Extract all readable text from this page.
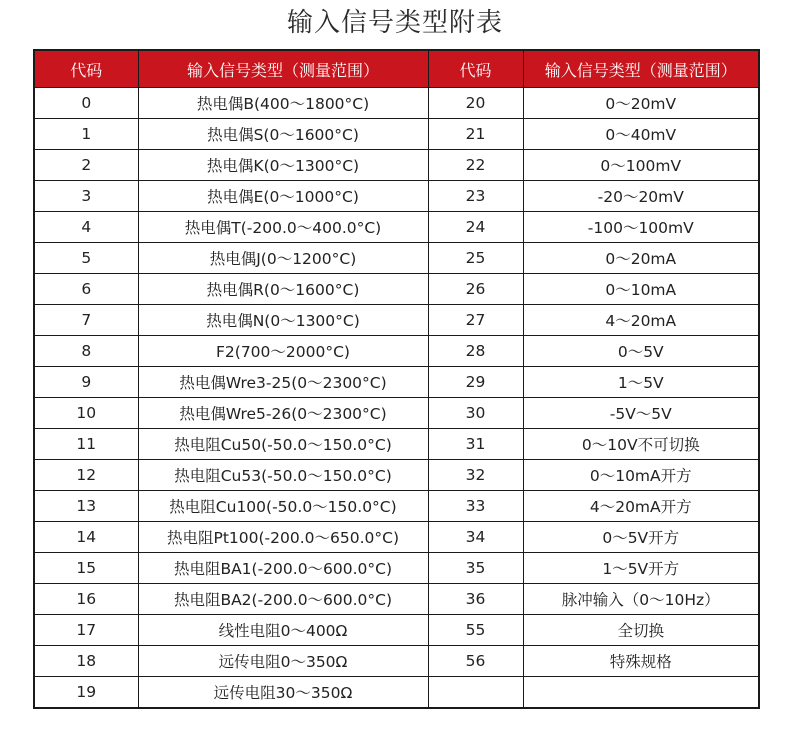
输入信号类型附表
代码	输入信号类型（测量范围）	代码	输入信号类型（测量范围）
0	热电偶B(400～1800°C)	20	0～20mV
1	热电偶S(0～1600°C)	21	0～40mV
2	热电偶K(0～1300°C)	22	0～100mV
3	热电偶E(0～1000°C)	23	-20～20mV
4	热电偶T(-200.0～400.0°C)	24	-100～100mV
5	热电偶J(0～1200°C)	25	0～20mA
6	热电偶R(0～1600°C)	26	0～10mA
7	热电偶N(0～1300°C)	27	4～20mA
8	F2(700～2000°C)	28	0～5V
9	热电偶Wre3-25(0～2300°C)	29	1～5V
10	热电偶Wre5-26(0～2300°C)	30	-5V～5V
11	热电阻Cu50(-50.0～150.0°C)	31	0～10V不可切换
12	热电阻Cu53(-50.0～150.0°C)	32	0～10mA开方
13	热电阻Cu100(-50.0～150.0°C)	33	4～20mA开方
14	热电阻Pt100(-200.0～650.0°C)	34	0～5V开方
15	热电阻BA1(-200.0～600.0°C)	35	1～5V开方
16	热电阻BA2(-200.0～600.0°C)	36	脉冲输入（0～10Hz）
17	线性电阻0～400Ω	55	全切换
18	远传电阻0～350Ω	56	特殊规格
19	远传电阻30～350Ω		
